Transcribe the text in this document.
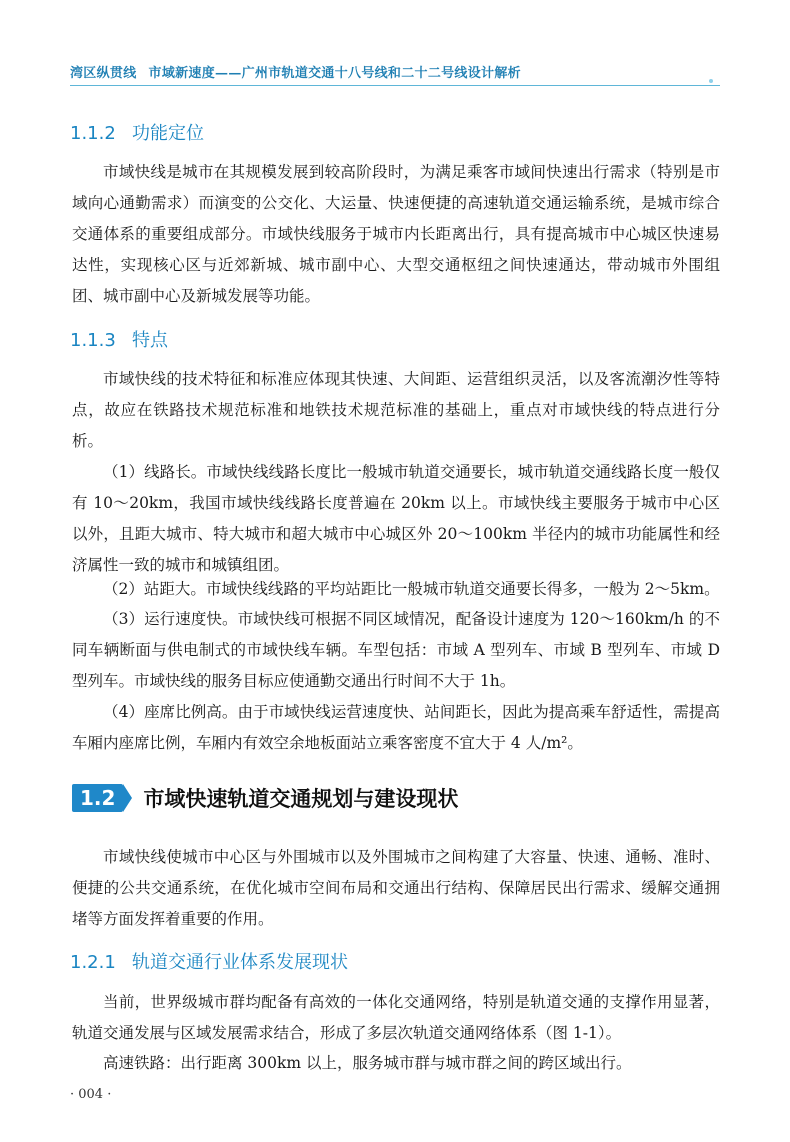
湾区纵贯线 市域新速度——广州市轨道交通十八号线和二十二号线设计解析
1.1.2 功能定位

市域快线是城市在其规模发展到较高阶段时，为满足乘客市域间快速出行需求（特别是市域向心通勤需求）而演变的公交化、大运量、快速便捷的高速轨道交通运输系统，是城市综合交通体系的重要组成部分。市域快线服务于城市内长距离出行，具有提高城市中心城区快速易达性，实现核心区与近郊新城、城市副中心、大型交通枢纽之间快速通达，带动城市外围组团、城市副中心及新城发展等功能。

1.1.3 特点

市域快线的技术特征和标准应体现其快速、大间距、运营组织灵活，以及客流潮汐性等特点，故应在铁路技术规范标准和地铁技术规范标准的基础上，重点对市域快线的特点进行分析。

（1）线路长。市域快线线路长度比一般城市轨道交通要长，城市轨道交通线路长度一般仅有 10～20km，我国市域快线线路长度普遍在 20km 以上。市域快线主要服务于城市中心区以外，且距大城市、特大城市和超大城市中心城区外 20～100km 半径内的城市功能属性和经济属性一致的城市和城镇组团。

（2）站距大。市域快线线路的平均站距比一般城市轨道交通要长得多，一般为 2～5km。

（3）运行速度快。市域快线可根据不同区域情况，配备设计速度为 120～160km/h 的不同车辆断面与供电制式的市域快线车辆。车型包括：市域 A 型列车、市域 B 型列车、市域 D 型列车。市域快线的服务目标应使通勤交通出行时间不大于 1h。

（4）座席比例高。由于市域快线运营速度快、站间距长，因此为提高乘车舒适性，需提高车厢内座席比例，车厢内有效空余地板面站立乘客密度不宜大于 4 人/m²。

1.2	市域快速轨道交通规划与建设现状

市域快线使城市中心区与外围城市以及外围城市之间构建了大容量、快速、通畅、准时、便捷的公共交通系统，在优化城市空间布局和交通出行结构、保障居民出行需求、缓解交通拥堵等方面发挥着重要的作用。

1.2.1 轨道交通行业体系发展现状

当前，世界级城市群均配备有高效的一体化交通网络，特别是轨道交通的支撑作用显著，轨道交通发展与区域发展需求结合，形成了多层次轨道交通网络体系（图 1-1）。

高速铁路：出行距离 300km 以上，服务城市群与城市群之间的跨区域出行。

· 004 ·
